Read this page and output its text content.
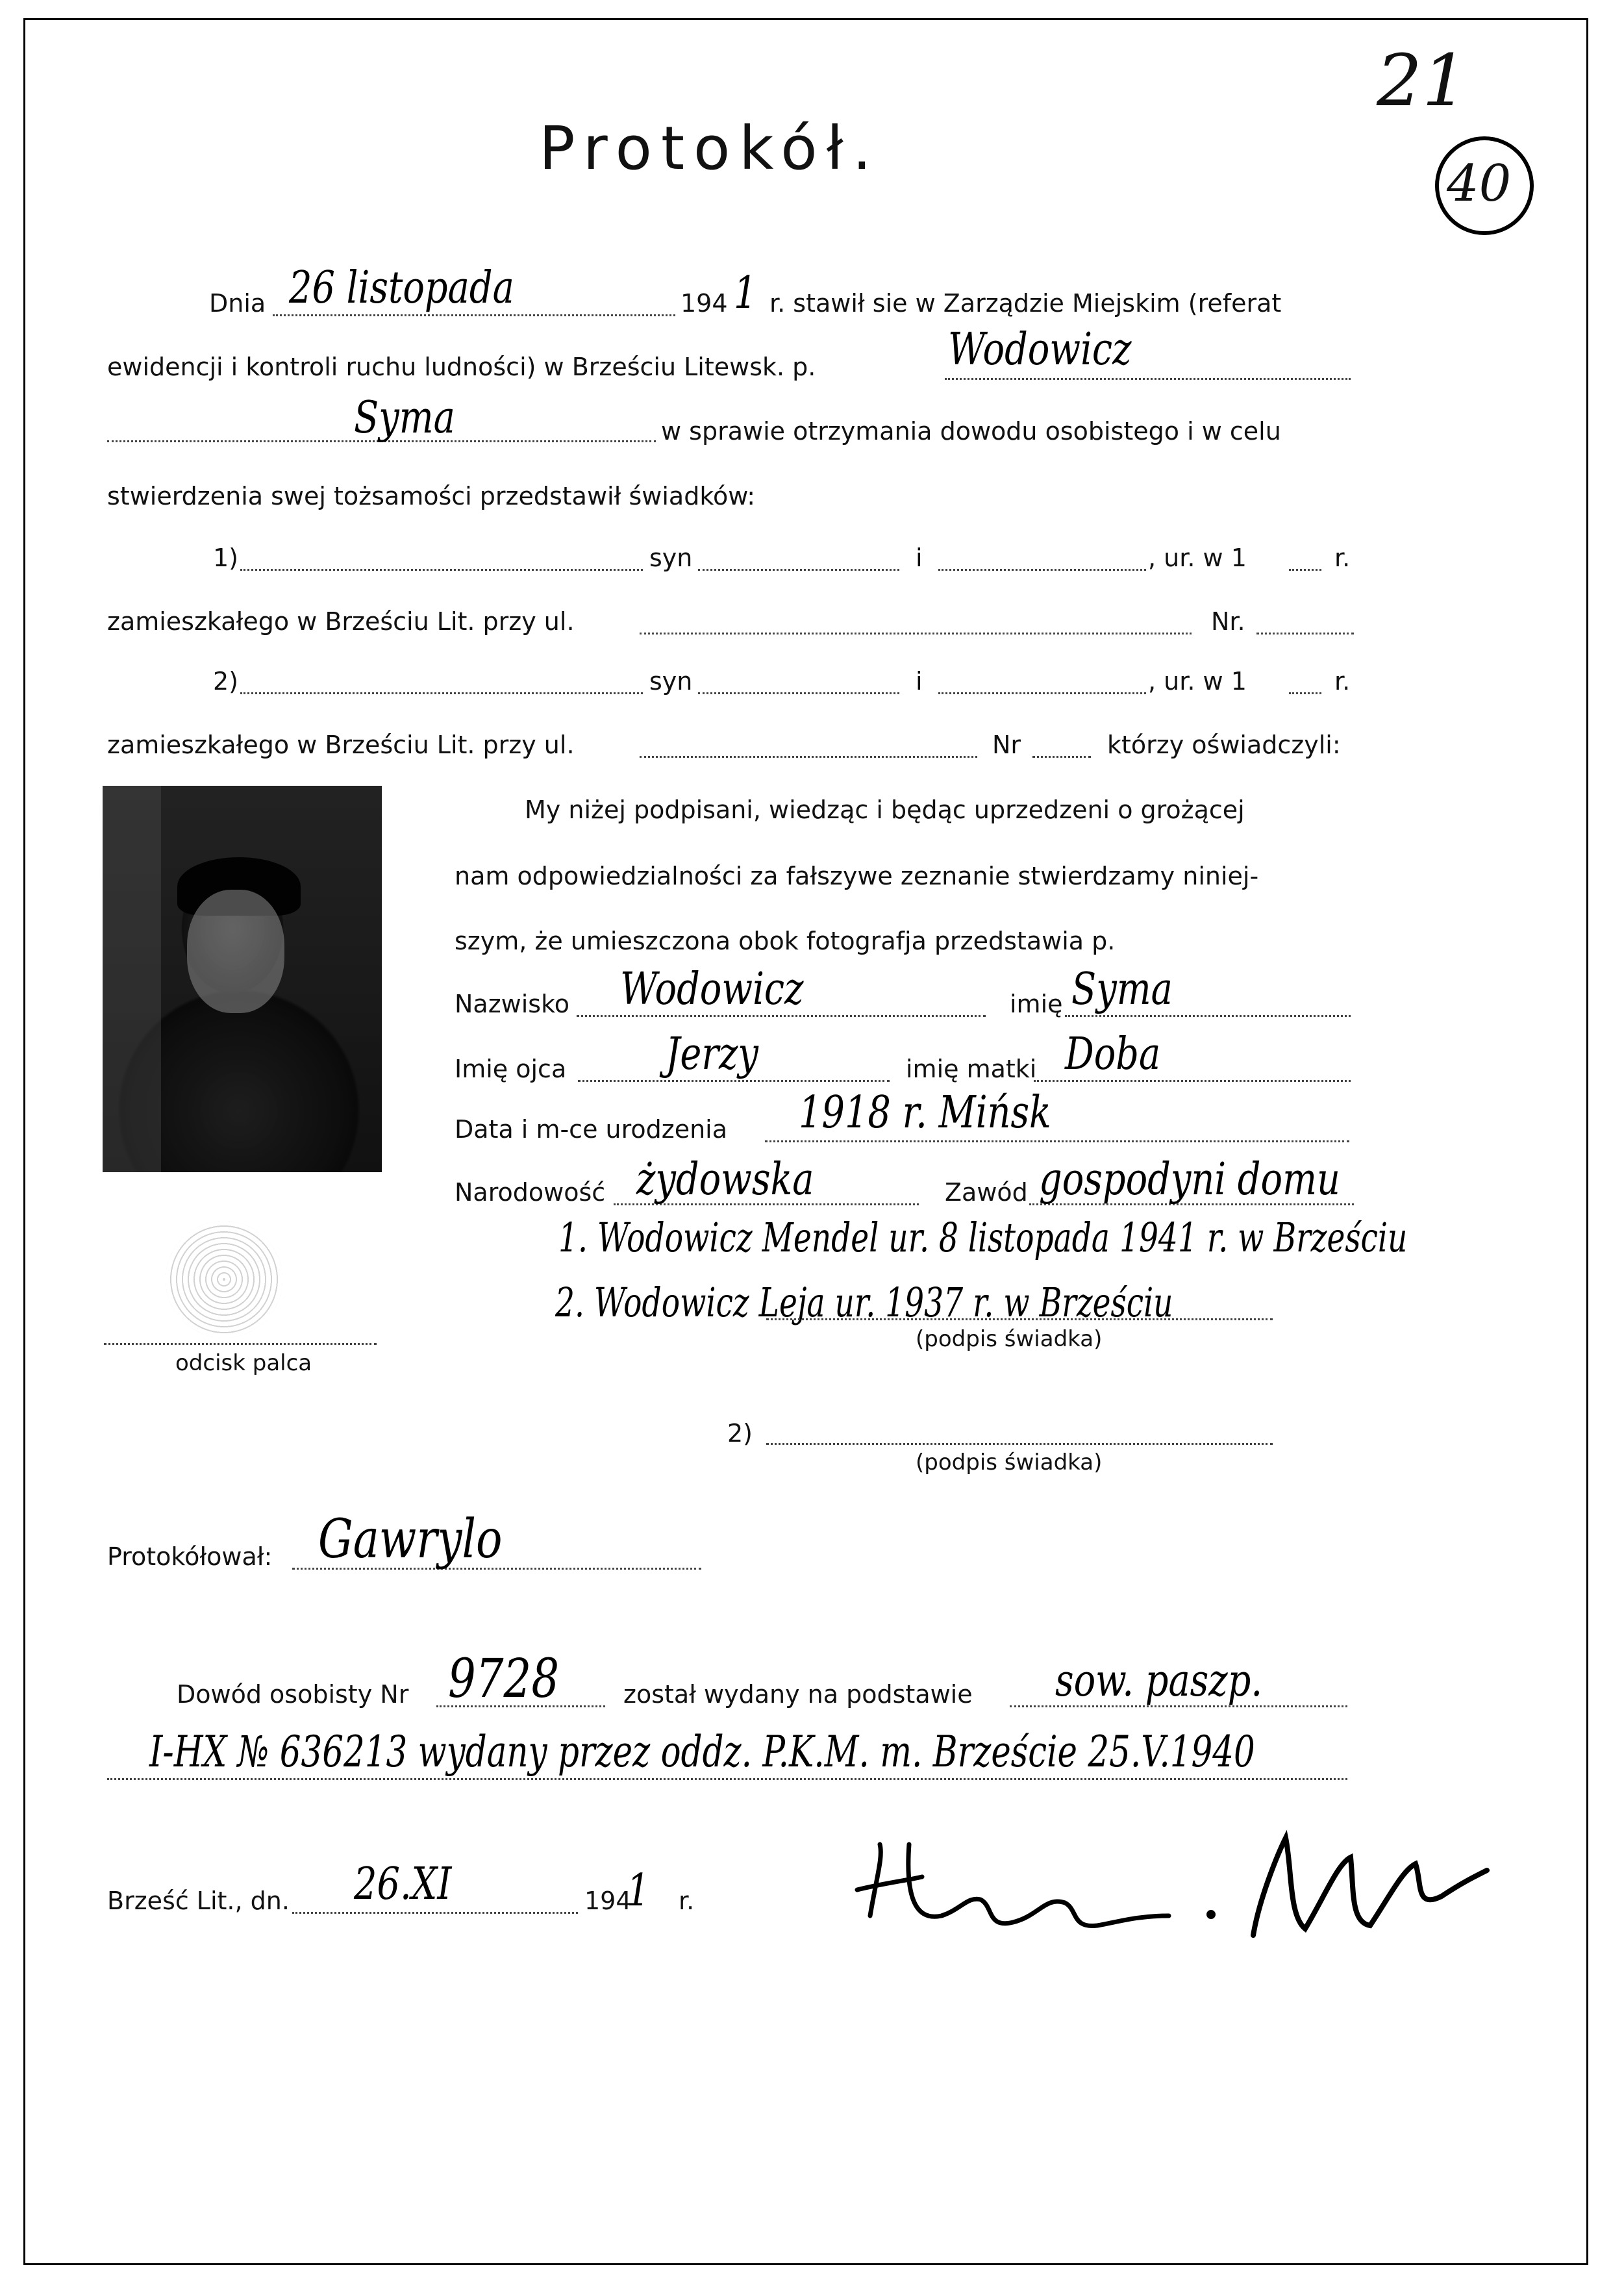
Protokół.
21
40
Dnia 26 listopada	194 1 r. stawił sie w Zarządzie Miejskim (referat
ewidencji i kontroli ruchu ludności) w Brześciu Litewsk. p.	Wodowicz
Syma	w sprawie otrzymania dowodu osobistego i w celu
stwierdzenia swej tożsamości przedstawił świadków:
1)	syn	i	, ur. w 1	r.
zamieszkałego w Brześciu Lit. przy ul.	Nr.
2)	syn	i	, ur. w 1	r.
zamieszkałego w Brześciu Lit. przy ul.	Nr	którzy oświadczyli:
odcisk palca
My niżej podpisani, wiedząc i będąc uprzedzeni o grożącej
nam odpowiedzialności za fałszywe zeznanie stwierdzamy niniej-
szym, że umieszczona obok fotografja przedstawia p.
Nazwisko Wodowicz	imię Syma
Imię ojca Jerzy	imię matki Doba
Data i m-ce urodzenia 1918 r. Mińsk
Narodowość żydowska	Zawód gospodyni domu
1. Wodowicz Mendel ur. 8 listopada 1941 r. w Brześciu
2. Wodowicz Leja ur. 1937 r. w Brześciu
(podpis świadka)
2)
(podpis świadka)
Protokółował: Gawrylo
Dowód osobisty Nr 9728	został wydany na podstawie sow. paszp.
I-HX № 636213 wydany przez oddz. P.K.M. m. Brzeście 25.V.1940
Brześć Lit., dn. 26.XI	194
1 r.
